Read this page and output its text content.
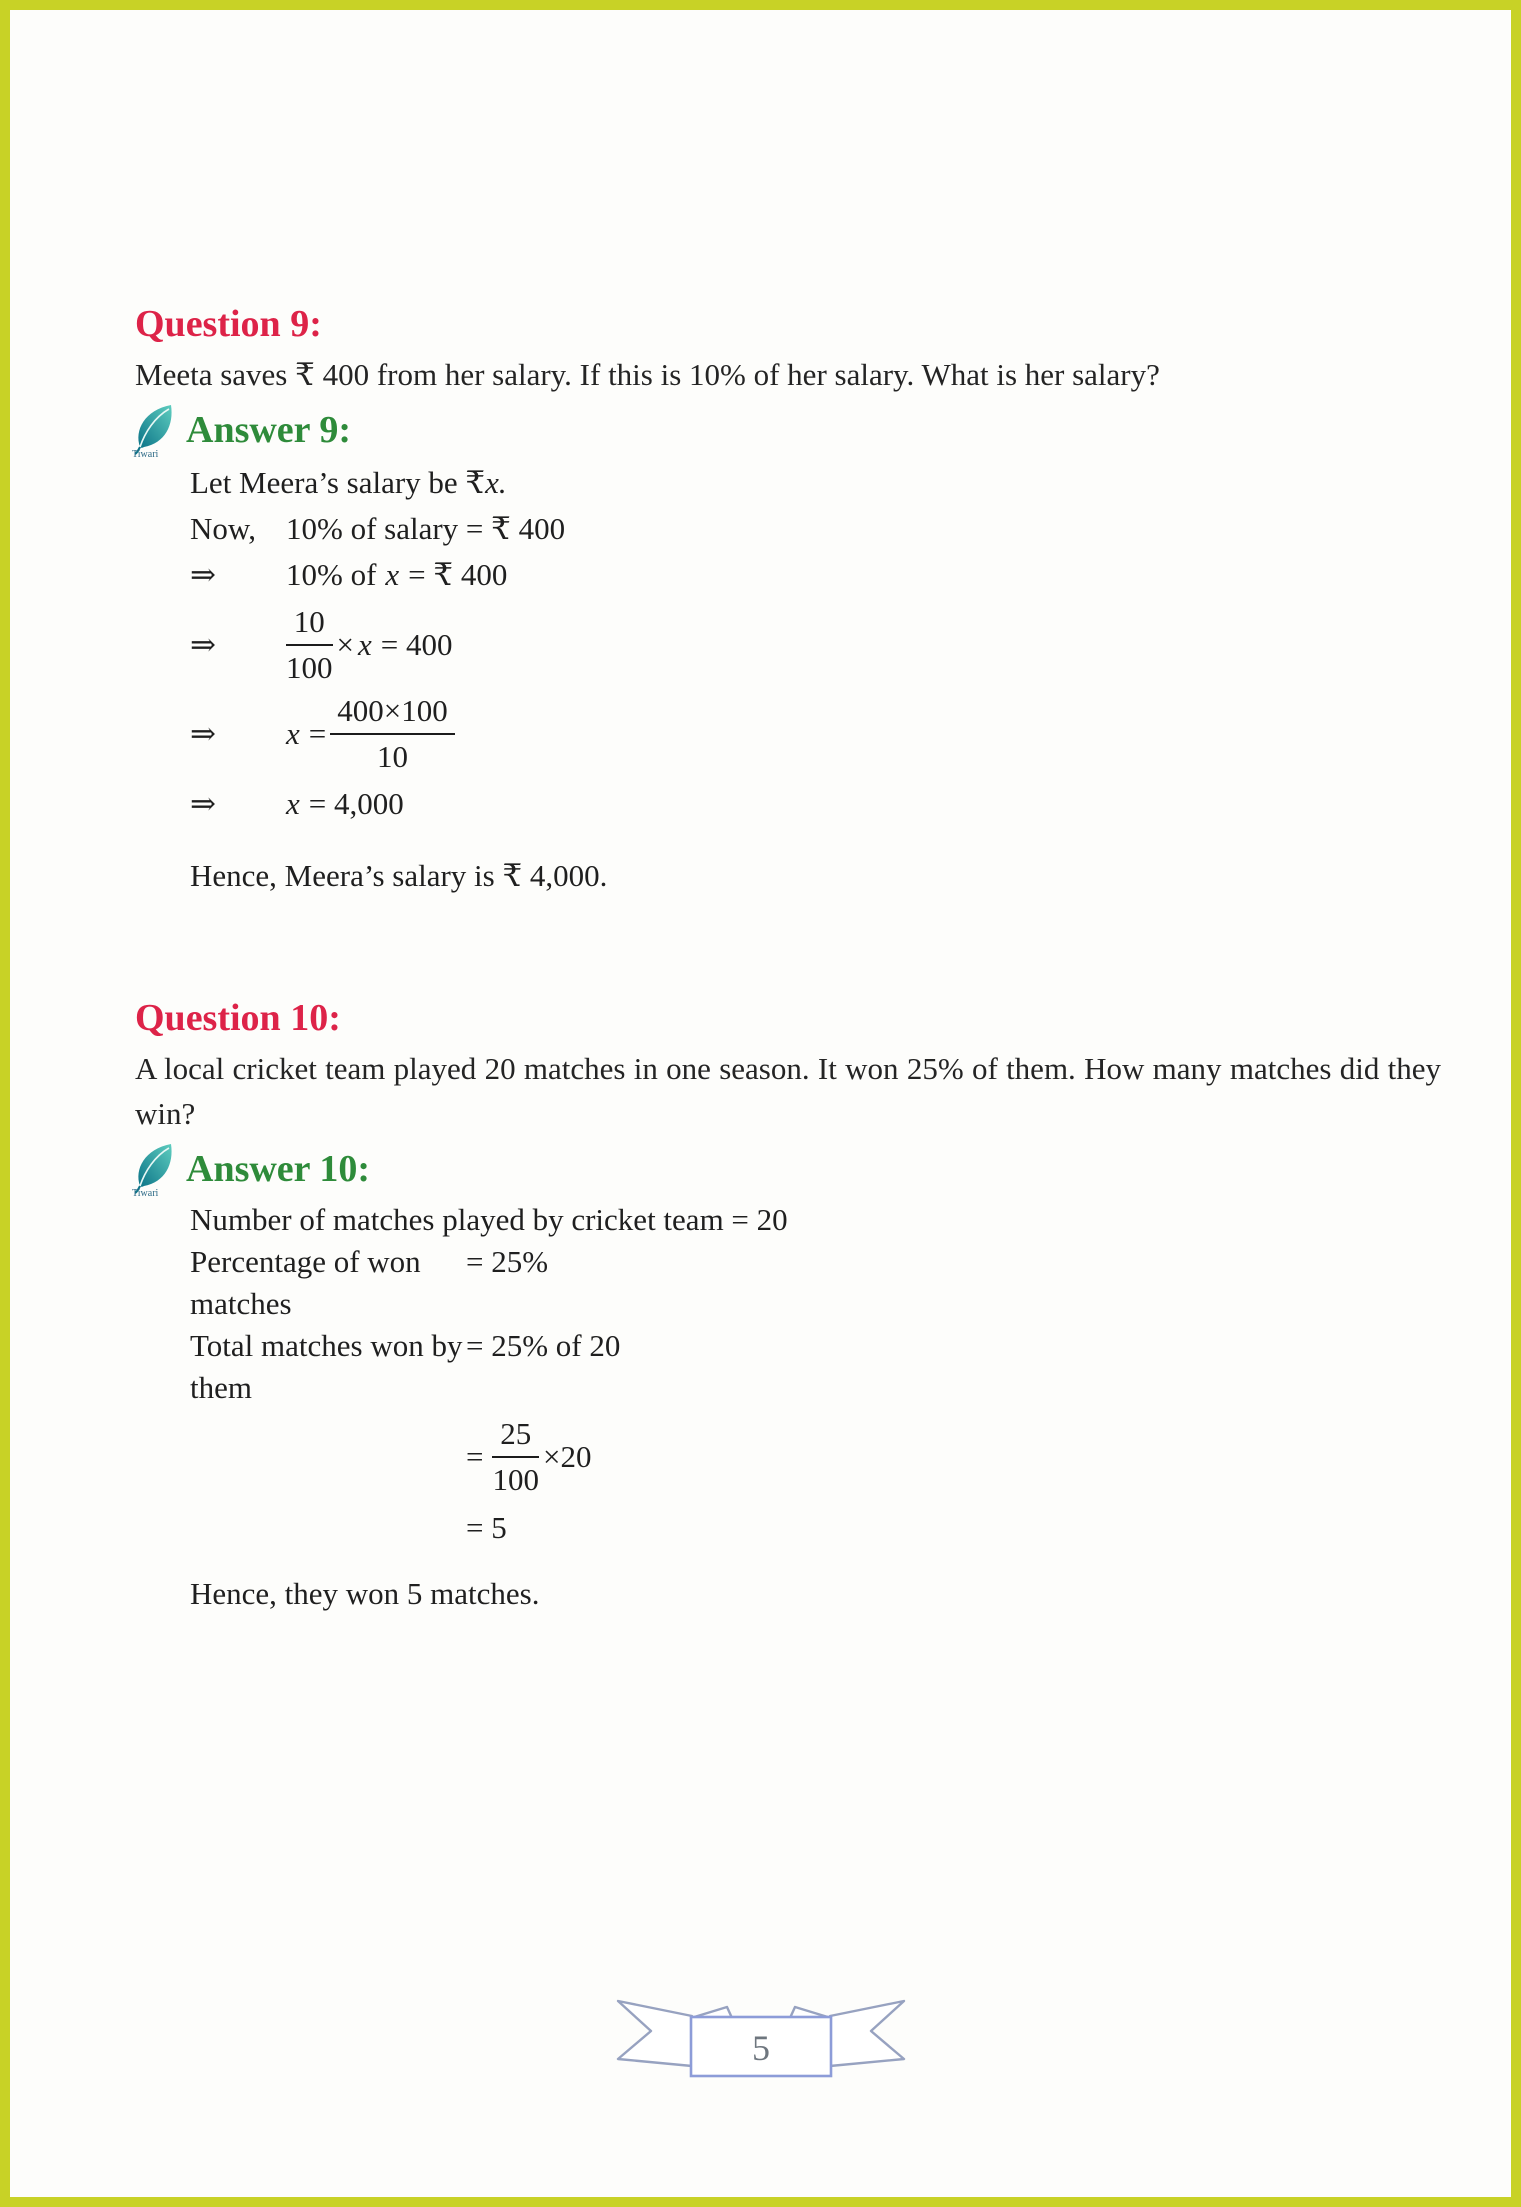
Question 9:

Meeta saves ₹ 400 from her salary. If this is 10% of her salary. What is her salary?

Tiwari
Answer 9:
Let Meera’s salary be ₹ x.
Now, 10% of salary = ₹ 400
⇒	10% of x = ₹ 400
⇒	$\frac{10}{100} \times x = 400$
⇒	$x = \frac{400\times 100}{10}$
⇒	x = 4,000

Hence, Meera’s salary is ₹ 4,000.

Question 10:

A local cricket team played 20 matches in one season. It won 25% of them. How many matches did they win?

Tiwari
Answer 10:
Number of matches played by cricket team = 20
Percentage of won matches
= 25%
Total matches won by them
= 25% of 20
= $\frac{25}{100} \times 20$
= 5

Hence, they won 5 matches.

5
